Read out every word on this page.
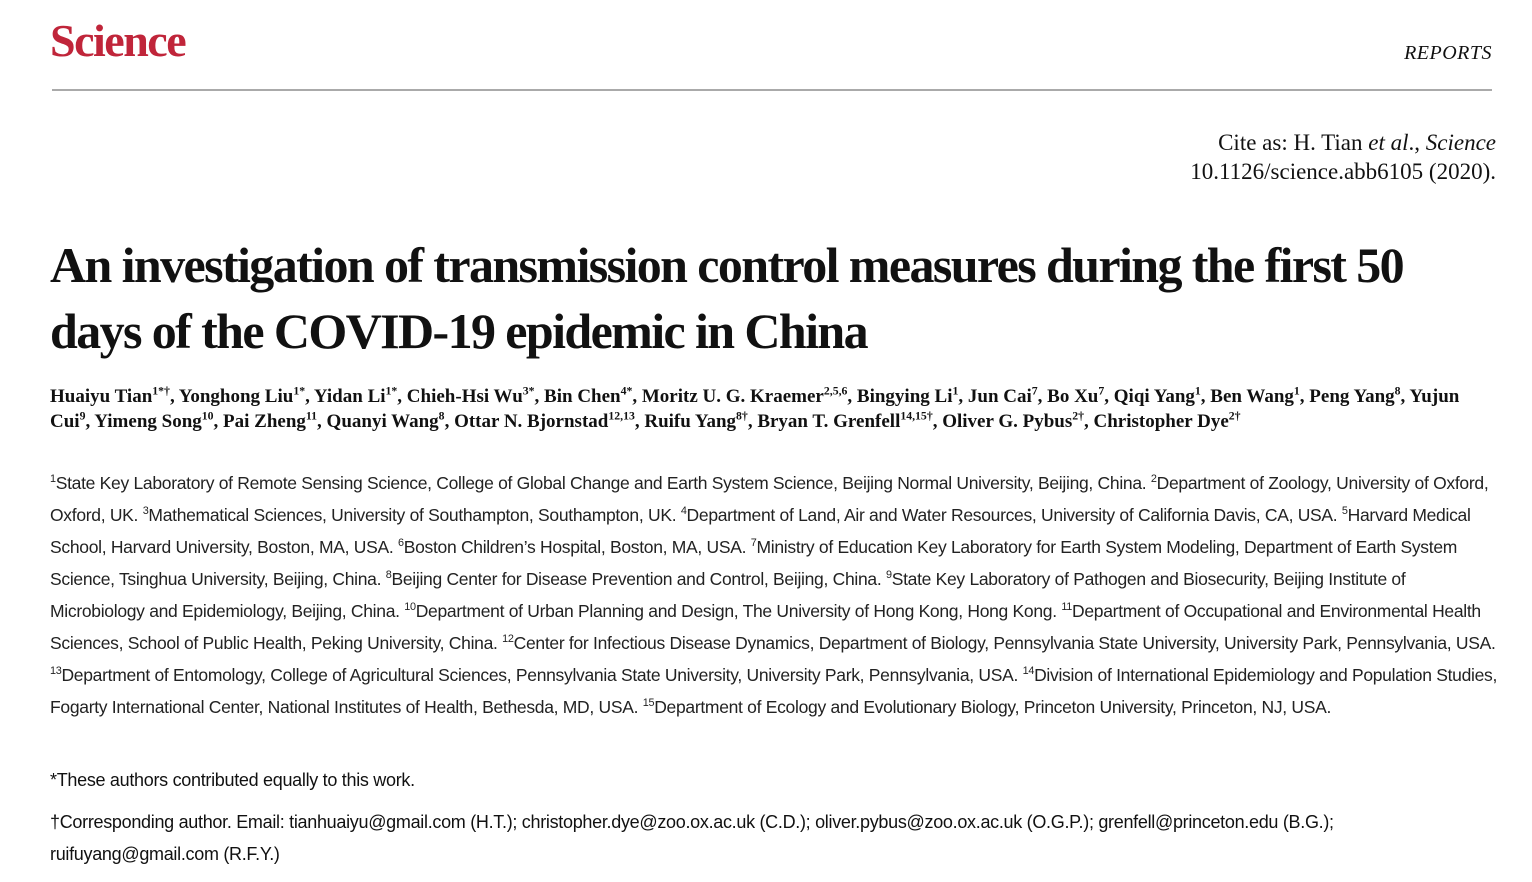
Science	REPORTS
Cite as: H. Tian et al., Science
10.1126/science.abb6105 (2020).
An investigation of transmission control measures during the first 50 days of the COVID-19 epidemic in China

Huaiyu Tian$^{1*\dagger}$, Yonghong Liu$^{1*}$, Yidan $Li^{1*}$, Chieh-Hsi $Wu^{3*}$, Bin Chen$^{4*}$, Moritz U. G. Kraemer$^{2,5,6}$, Bingying Li$^1$, Jun Cai$^7$, Bo Xu$^7$, Qiqi Yang$^1$, Ben Wang$^1$, Peng Yang$^8$, Yujun Cui$^9$, Yimeng Song$^{10}$, Pai Zheng$^{11}$, Quanyi Wang$^8$, Ottar N. Bjornstad$^{12,13}$, Ruifu Yang$^{8\dagger}$, Bryan T. Grenfell$^{14,15\dagger}$, Oliver G. Pybus$^{2\dagger}$, Christopher Dye$^{2\dagger}$

$^1$State Key Laboratory of Remote Sensing Science, College of Global Change and Earth System Science, Beijing Normal University, Beijing, China. $^2$Department of Zoology, University of Oxford, Oxford, UK. $^3$Mathematical Sciences, University of Southampton, Southampton, UK. $^4$Department of Land, Air and Water Resources, University of California Davis, CA, USA. $^5$Harvard Medical School, Harvard University, Boston, MA, USA. $^6$Boston Children’s Hospital, Boston, MA, USA. $^7$Ministry of Education Key Laboratory for Earth System Modeling, Department of Earth System Science, Tsinghua University, Beijing, China. $^8$Beijing Center for Disease Prevention and Control, Beijing, China. $^9$State Key Laboratory of Pathogen and Biosecurity, Beijing Institute of Microbiology and Epidemiology, Beijing, China. $^{10}$Department of Urban Planning and Design, The University of Hong Kong, Hong Kong. $^{11}$Department of Occupational and Environmental Health Sciences, School of Public Health, Peking University, China. $^{12}$Center for Infectious Disease Dynamics, Department of Biology, Pennsylvania State University, University Park, Pennsylvania, USA. $^{13}$Department of Entomology, College of Agricultural Sciences, Pennsylvania State University, University Park, Pennsylvania, USA. $^{14}$Division of International Epidemiology and Population Studies, Fogarty International Center, National Institutes of Health, Bethesda, MD, USA. $^{15}$Department of Ecology and Evolutionary Biology, Princeton University, Princeton, NJ, USA.

*These authors contributed equally to this work.

†Corresponding author. Email: tianhuaiyu@gmail.com (H.T.); christopher.dye@zoo.ox.ac.uk (C.D.); oliver.pybus@zoo.ox.ac.uk (O.G.P.); grenfell@princeton.edu (B.G.); ruifuyang@gmail.com (R.F.Y.)
